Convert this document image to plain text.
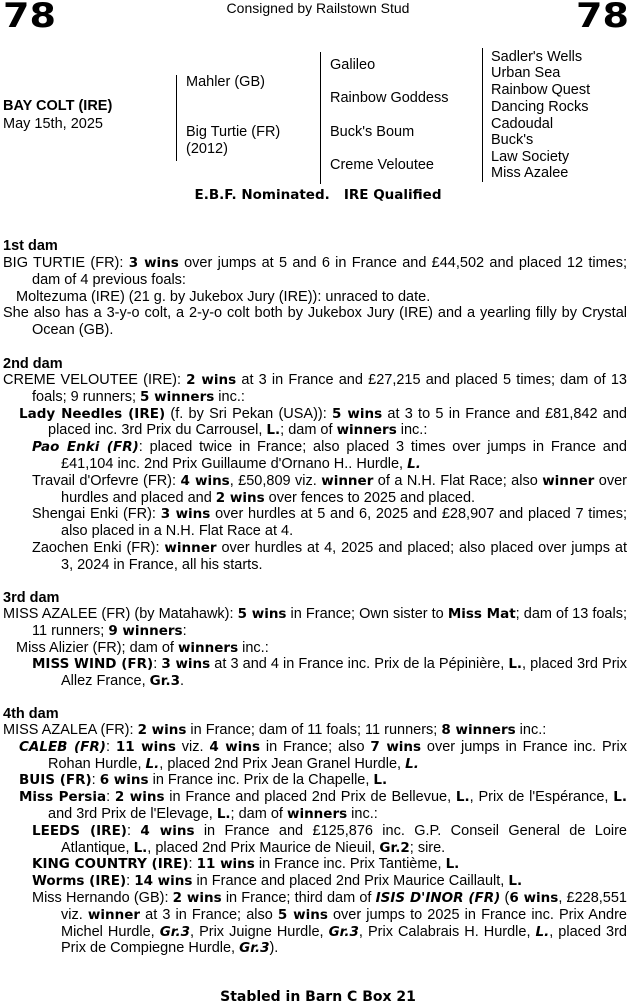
78	78
Consigned by Railstown Stud
BAY COLT (IRE)
May 15th, 2025
Mahler (GB)
Big Turtie (FR)
(2012)
Galileo
Rainbow Goddess
Buck's Boum
Creme Veloutee
Sadler's Wells
Urban Sea
Rainbow Quest
Dancing Rocks
Cadoudal
Buck's
Law Society
Miss Azalee
E.B.F. Nominated. IRE Qualified
1st dam

BIG TURTIE (FR): 3 wins over jumps at 5 and 6 in France and £44,502 and placed 12 times; dam of 4 previous foals:

Moltezuma (IRE) (21 g. by Jukebox Jury (IRE)): unraced to date.

She also has a 3-y-o colt, a 2-y-o colt both by Jukebox Jury (IRE) and a yearling filly by Crystal Ocean (GB).

2nd dam

CREME VELOUTEE (IRE): 2 wins at 3 in France and £27,215 and placed 5 times; dam of 13 foals; 9 runners; 5 winners inc.:

Lady Needles (IRE) (f. by Sri Pekan (USA)): 5 wins at 3 to 5 in France and £81,842 and placed inc. 3rd Prix du Carrousel, L.; dam of winners inc.:

Pao Enki (FR): placed twice in France; also placed 3 times over jumps in France and £41,104 inc. 2nd Prix Guillaume d'Ornano H.. Hurdle, L.

Travail d'Orfevre (FR): 4 wins, £50,809 viz. winner of a N.H. Flat Race; also winner over hurdles and placed and 2 wins over fences to 2025 and placed.

Shengai Enki (FR): 3 wins over hurdles at 5 and 6, 2025 and £28,907 and placed 7 times; also placed in a N.H. Flat Race at 4.

Zaochen Enki (FR): winner over hurdles at 4, 2025 and placed; also placed over jumps at 3, 2024 in France, all his starts.

3rd dam

MISS AZALEE (FR) (by Matahawk): 5 wins in France; Own sister to Miss Mat; dam of 13 foals; 11 runners; 9 winners:

Miss Alizier (FR); dam of winners inc.:

MISS WIND (FR): 3 wins at 3 and 4 in France inc. Prix de la Pépinière, L., placed 3rd Prix Allez France, Gr.3.

4th dam

MISS AZALEA (FR): 2 wins in France; dam of 11 foals; 11 runners; 8 winners inc.:

CALEB (FR): 11 wins viz. 4 wins in France; also 7 wins over jumps in France inc. Prix Rohan Hurdle, L., placed 2nd Prix Jean Granel Hurdle, L.

BUIS (FR): 6 wins in France inc. Prix de la Chapelle, L.

Miss Persia: 2 wins in France and placed 2nd Prix de Bellevue, L., Prix de l'Espérance, L. and 3rd Prix de l'Elevage, L.; dam of winners inc.:

LEEDS (IRE): 4 wins in France and £125,876 inc. G.P. Conseil General de Loire Atlantique, L., placed 2nd Prix Maurice de Nieuil, Gr.2; sire.

KING COUNTRY (IRE): 11 wins in France inc. Prix Tantième, L.

Worms (IRE): 14 wins in France and placed 2nd Prix Maurice Caillault, L.

Miss Hernando (GB): 2 wins in France; third dam of ISIS D'INOR (FR) (6 wins, £228,551 viz. winner at 3 in France; also 5 wins over jumps to 2025 in France inc. Prix Andre Michel Hurdle, Gr.3, Prix Juigne Hurdle, Gr.3, Prix Calabrais H. Hurdle, L., placed 3rd Prix de Compiegne Hurdle, Gr.3).

Stabled in Barn C Box 21
